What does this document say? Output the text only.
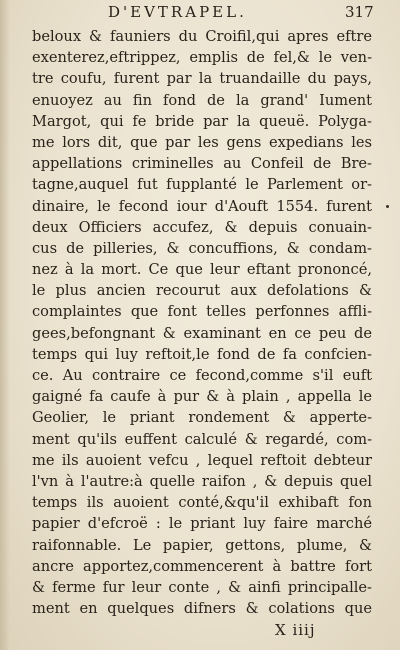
D'EVTRAPEL.	317
beloux & fauniers du Croifil,qui apres eftre
exenterez,eftrippez, emplis de fel,& le ven-
tre coufu, furent par la truandaille du pays,
enuoyez au fin fond de la grand' Iument
Margot, qui fe bride par la queuë. Polyga-
me lors dit, que par les gens expedians les
appellations criminelles au Confeil de Bre-
tagne,auquel fut fupplanté le Parlement or-
dinaire, le fecond iour d'Aouft 1554. furent
deux Officiers accufez, & depuis conuain-
cus de pilleries, & concuffions, & condam-
nez à la mort. Ce que leur eftant prononcé,
le plus ancien recourut aux defolations &
complaintes que font telles perfonnes affli-
gees,befongnant & examinant en ce peu de
temps qui luy reftoit,le fond de fa confcien-
ce. Au contraire ce fecond,comme s'il euft
gaigné fa caufe à pur & à plain , appella le
Geolier, le priant rondement & apperte-
ment qu'ils euffent calculé & regardé, com-
me ils auoient vefcu , lequel reftoit debteur
l'vn à l'autre:à quelle raifon , & depuis quel
temps ils auoient conté,&qu'il exhibaft fon
papier d'efcroë : le priant luy faire marché
raifonnable. Le papier, gettons, plume, &
ancre apportez,commencerent à battre fort
& ferme fur leur conte , & ainfi principalle-
ment en quelques difners & colations que
X iiij
